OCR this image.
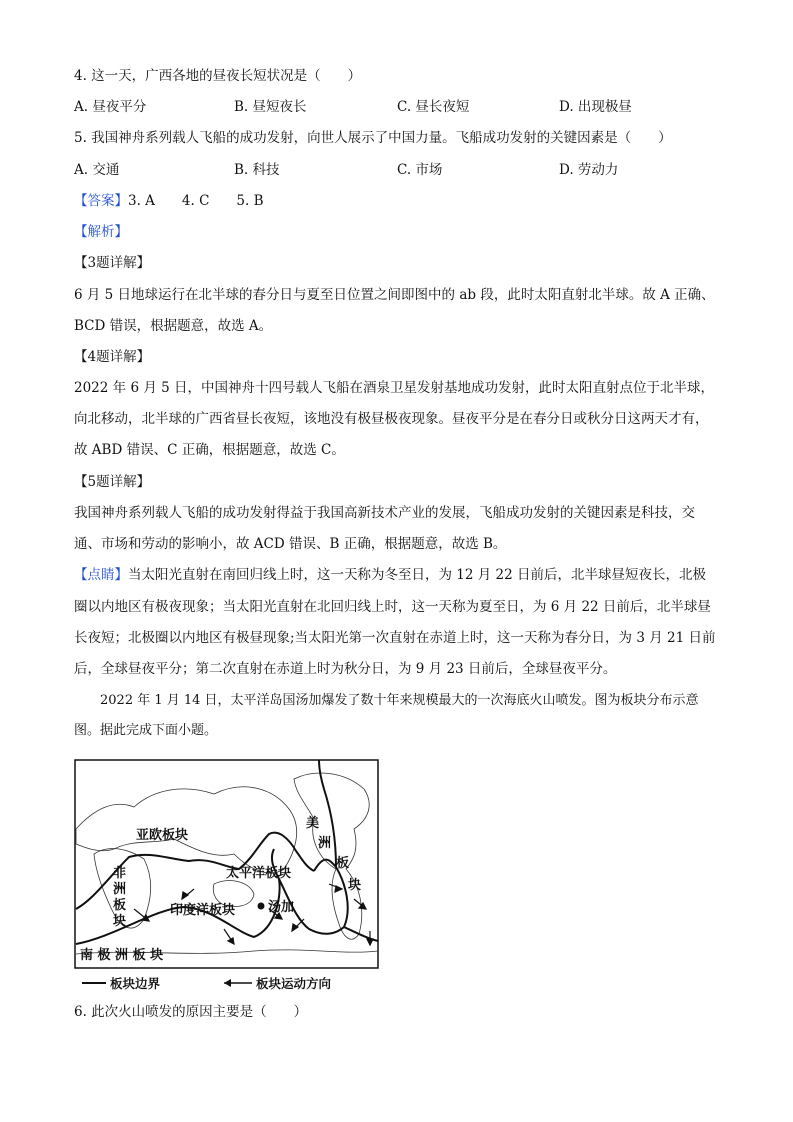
4. 这一天，广西各地的昼夜长短状况是（　　）
A. 昼夜平分	B. 昼短夜长	C. 昼长夜短	D. 出现极昼
5. 我国神舟系列载人飞船的成功发射，向世人展示了中国力量。飞船成功发射的关键因素是（　　）
A. 交通	B. 科技	C. 市场	D. 劳动力
【答案】3. A　　4. C　　5. B
【解析】
【3题详解】
6 月 5 日地球运行在北半球的春分日与夏至日位置之间即图中的 ab 段，此时太阳直射北半球。故 A 正确、
BCD 错误，根据题意，故选 A。
【4题详解】
2022 年 6 月 5 日，中国神舟十四号载人飞船在酒泉卫星发射基地成功发射，此时太阳直射点位于北半球，
向北移动，北半球的广西省昼长夜短，该地没有极昼极夜现象。昼夜平分是在春分日或秋分日这两天才有，
故 ABD 错误、C 正确，根据题意，故选 C。
【5题详解】
我国神舟系列载人飞船的成功发射得益于我国高新技术产业的发展，飞船成功发射的关键因素是科技，交
通、市场和劳动的影响小，故 ACD 错误、B 正确，根据题意，故选 B。
【点睛】当太阳光直射在南回归线上时，这一天称为冬至日，为 12 月 22 日前后，北半球昼短夜长，北极
圈以内地区有极夜现象；当太阳光直射在北回归线上时，这一天称为夏至日，为 6 月 22 日前后，北半球昼
长夜短；北极圈以内地区有极昼现象;当太阳光第一次直射在赤道上时，这一天称为春分日，为 3 月 21 日前
后，全球昼夜平分；第二次直射在赤道上时为秋分日，为 9 月 23 日前后，全球昼夜平分。
2022 年 1 月 14 日，太平洋岛国汤加爆发了数十年来规模最大的一次海底火山喷发。图为板块分布示意
图。据此完成下面小题。
亚欧板块
太平洋板块
印度洋板块	汤加
南 极 洲 板 块
美
洲
板
块
非
洲
板
块
板块边界	板块运动方向
6. 此次火山喷发的原因主要是（　　）
